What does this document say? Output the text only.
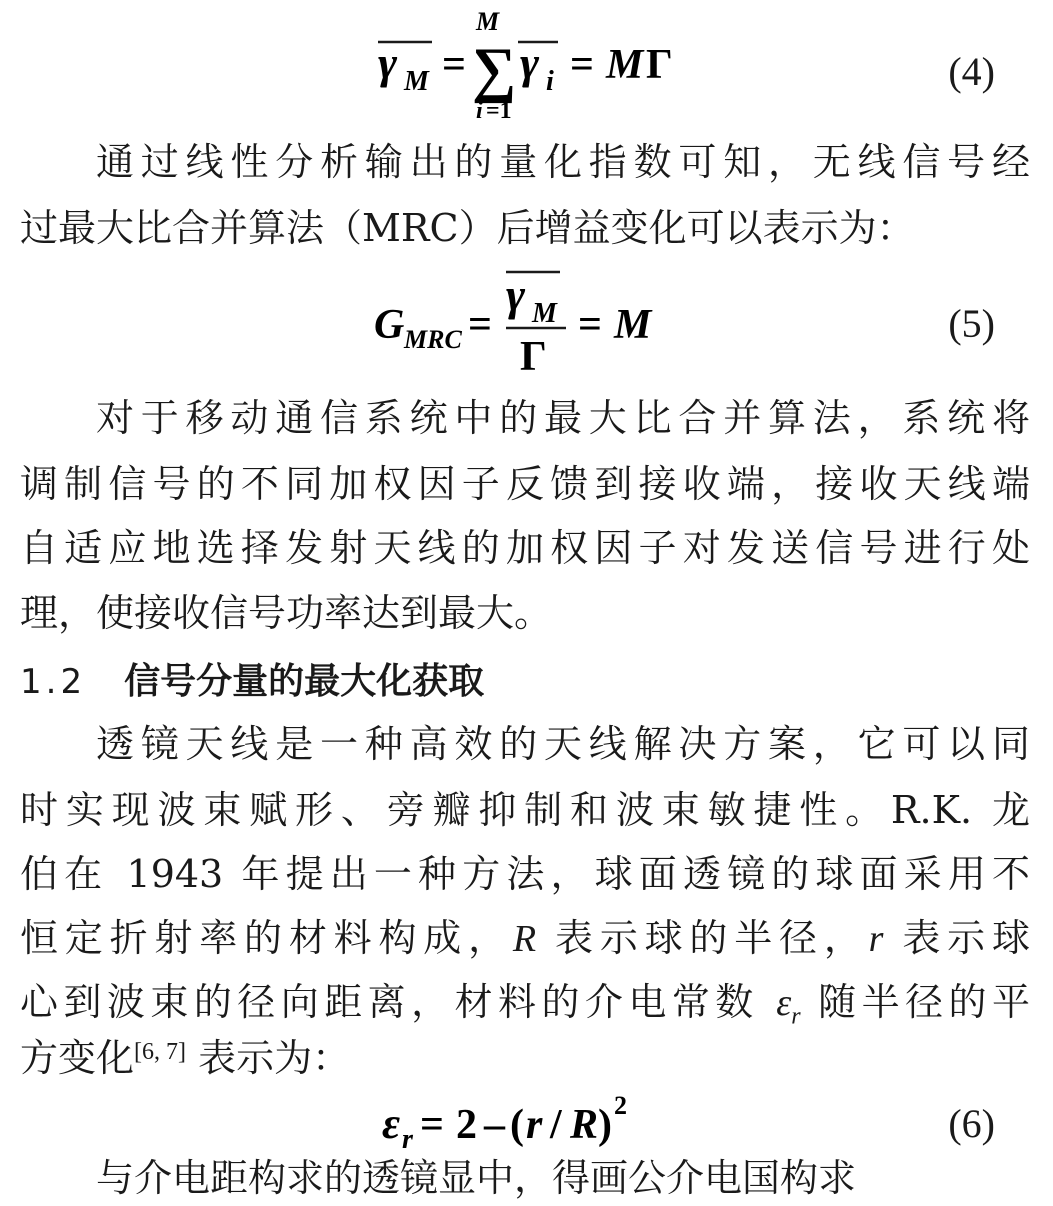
γ M =
M
∑
i =1
γ i = M Γ	(4)
通过线性分析输出的量化指数可知，无线信号经
过最大比合并算法（MRC）后增益变化可以表示为：
G MRC =
γ M
Γ
= M	(5)
对于移动通信系统中的最大比合并算法，系统将
调制信号的不同加权因子反馈到接收端，接收天线端
自适应地选择发射天线的加权因子对发送信号进行处
理，使接收信号功率达到最大。
1.2 信号分量的最大化获取
透镜天线是一种高效的天线解决方案，它可以同
时实现波束赋形、旁瓣抑制和波束敏捷性。R.K. 龙
伯在 1943 年提出一种方法，球面透镜的球面采用不
恒定折射率的材料构成，R 表示球的半径，r 表示球
心到波束的径向距离，材料的介电常数 $\varepsilon_r$ 随半径的平
方变化[6, 7] 表示为：
ε r = 2 – ( r / R ) 2	(6)
与介电距构求的透镜显中，得画公介电国构求
